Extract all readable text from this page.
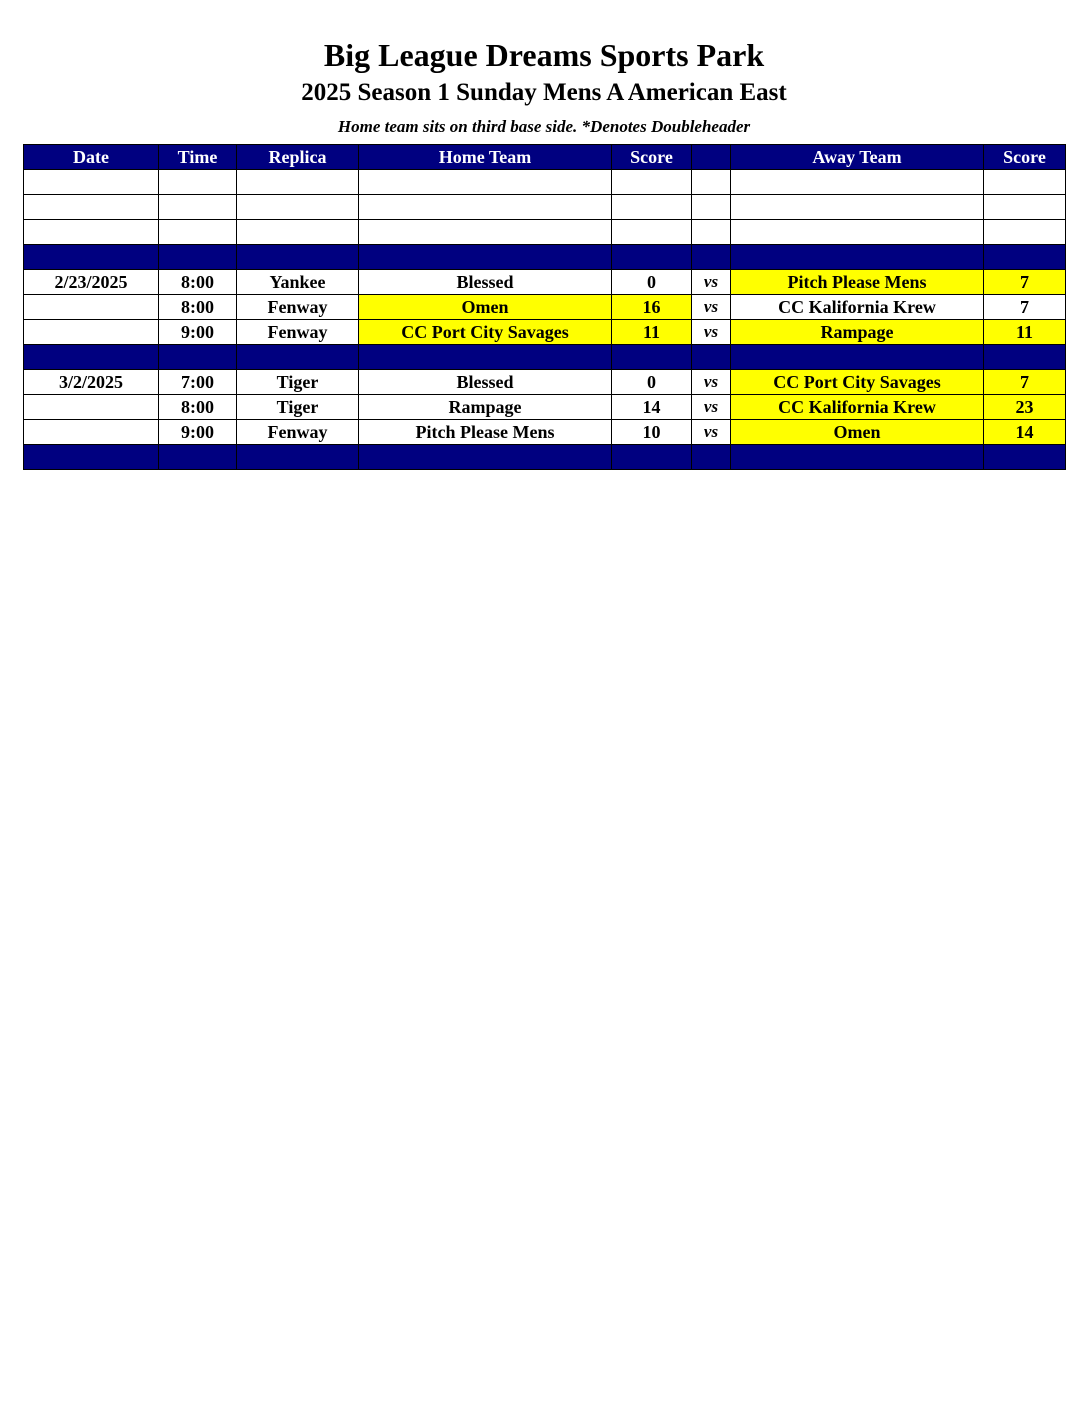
Big League Dreams Sports Park
2025 Season 1 Sunday Mens A American East
Home team sits on third base side. *Denotes Doubleheader
Date	Time	Replica	Home Team	Score		Away Team	Score

2/23/2025	8:00	Yankee	Blessed	0	vs	Pitch Please Mens	7
	8:00	Fenway	Omen	16	vs	CC Kalifornia Krew	7
	9:00	Fenway	CC Port City Savages	11	vs	Rampage	11

3/2/2025	7:00	Tiger	Blessed	0	vs	CC Port City Savages	7
	8:00	Tiger	Rampage	14	vs	CC Kalifornia Krew	23
	9:00	Fenway	Pitch Please Mens	10	vs	Omen	14
